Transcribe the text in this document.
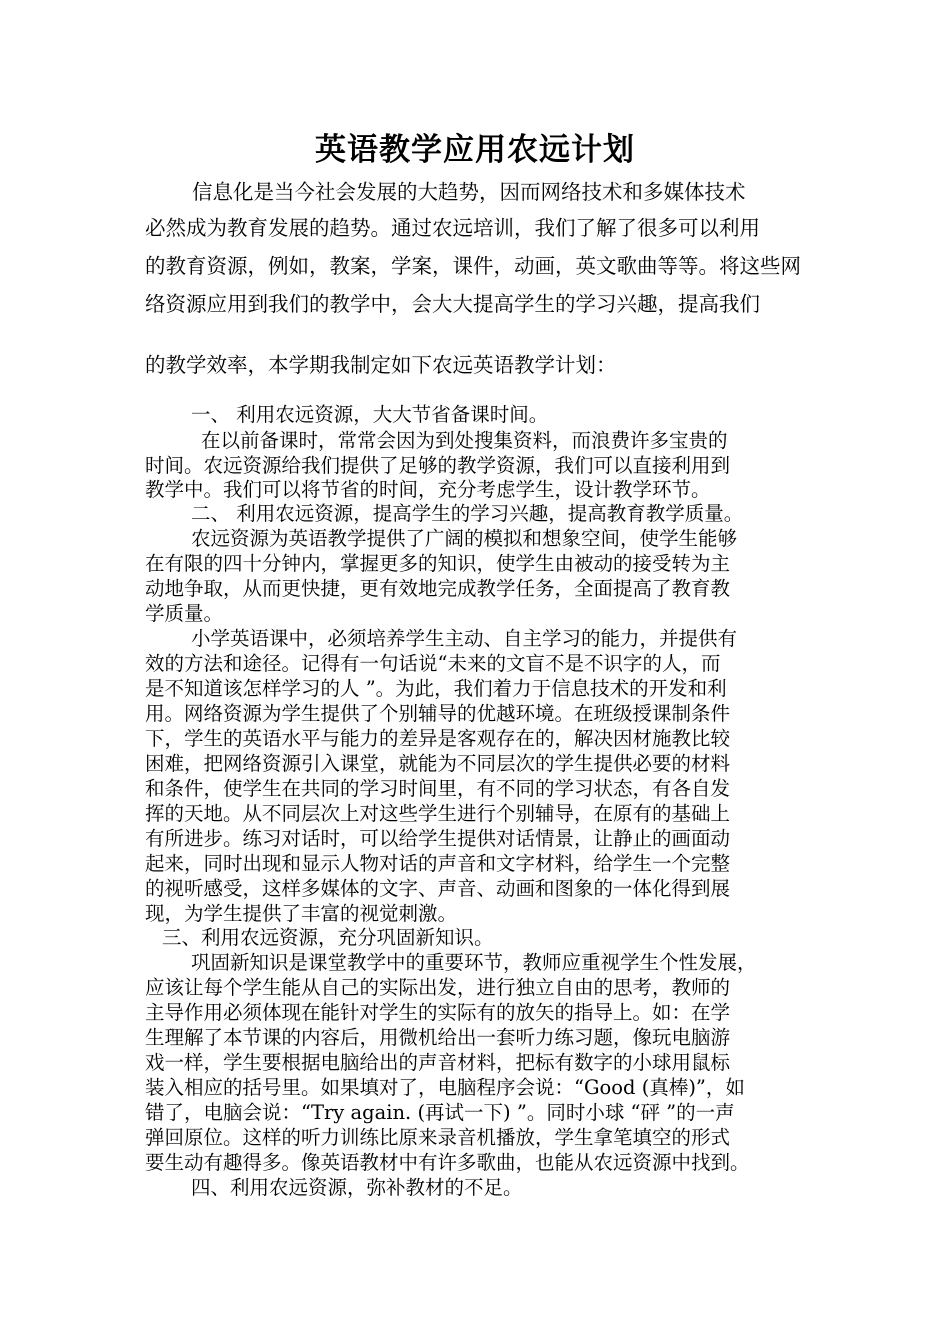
英语教学应用农远计划
信息化是当今社会发展的大趋势，因而网络技术和多媒体技术
必然成为教育发展的趋势。通过农远培训，我们了解了很多可以利用
的教育资源，例如，教案，学案，课件，动画，英文歌曲等等。将这些网
络资源应用到我们的教学中，会大大提高学生的学习兴趣，提高我们
的教学效率，本学期我制定如下农远英语教学计划：
一、 利用农远资源，大大节省备课时间。
在以前备课时，常常会因为到处搜集资料，而浪费许多宝贵的
时间。农远资源给我们提供了足够的教学资源，我们可以直接利用到
教学中。我们可以将节省的时间，充分考虑学生，设计教学环节。
二、 利用农远资源，提高学生的学习兴趣，提高教育教学质量。
农远资源为英语教学提供了广阔的模拟和想象空间，使学生能够
在有限的四十分钟内，掌握更多的知识，使学生由被动的接受转为主
动地争取，从而更快捷，更有效地完成教学任务，全面提高了教育教
学质量。
小学英语课中，必须培养学生主动、自主学习的能力，并提供有
效的方法和途径。记得有一句话说“未来的文盲不是不识字的人，而
是不知道该怎样学习的人 ”。为此，我们着力于信息技术的开发和利
用。网络资源为学生提供了个别辅导的优越环境。在班级授课制条件
下，学生的英语水平与能力的差异是客观存在的，解决因材施教比较
困难，把网络资源引入课堂，就能为不同层次的学生提供必要的材料
和条件，使学生在共同的学习时间里，有不同的学习状态，有各自发
挥的天地。从不同层次上对这些学生进行个别辅导，在原有的基础上
有所进步。练习对话时，可以给学生提供对话情景，让静止的画面动
起来，同时出现和显示人物对话的声音和文字材料，给学生一个完整
的视听感受，这样多媒体的文字、声音、动画和图象的一体化得到展
现，为学生提供了丰富的视觉刺激。
三、利用农远资源，充分巩固新知识。
巩固新知识是课堂教学中的重要环节，教师应重视学生个性发展，
应该让每个学生能从自己的实际出发，进行独立自由的思考，教师的
主导作用必须体现在能针对学生的实际有的放矢的指导上。如：在学
生理解了本节课的内容后，用微机给出一套听力练习题，像玩电脑游
戏一样，学生要根据电脑给出的声音材料，把标有数字的小球用鼠标
装入相应的括号里。如果填对了，电脑程序会说：“Good (真棒)”，如
错了，电脑会说：“Try again. (再试一下) ”。同时小球 “砰 ”的一声
弹回原位。这样的听力训练比原来录音机播放，学生拿笔填空的形式
要生动有趣得多。像英语教材中有许多歌曲，也能从农远资源中找到。
四、利用农远资源，弥补教材的不足。
